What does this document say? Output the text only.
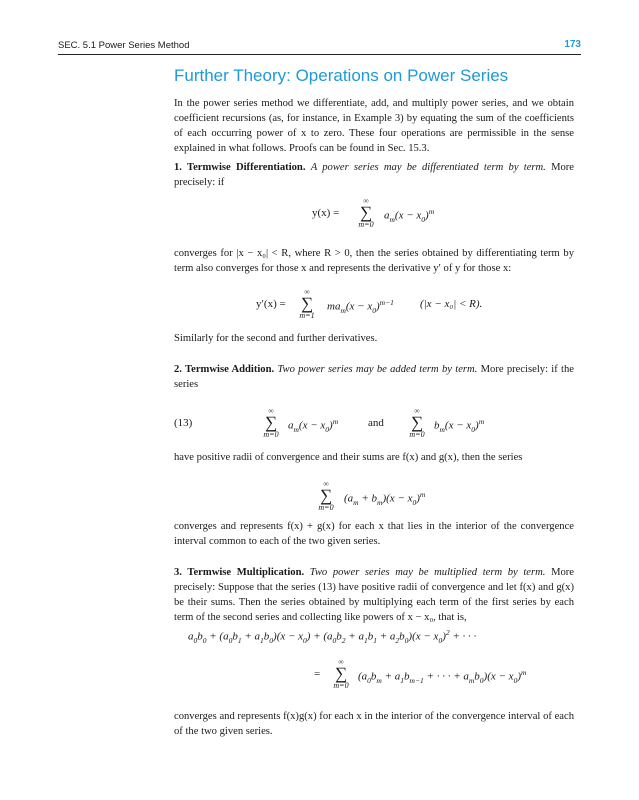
SEC. 5.1 Power Series Method	173
Further Theory: Operations on Power Series
In the power series method we differentiate, add, and multiply power series, and we obtain coefficient recursions (as, for instance, in Example 3) by equating the sum of the coefficients of each occurring power of x to zero. These four operations are permissible in the sense explained in what follows. Proofs can be found in Sec. 15.3.
1. Termwise Differentiation. A power series may be differentiated term by term. More precisely: if
y(x) =
∞
∑
m=0
$a_m(x - x_0)^m$
converges for |x − x₀| < R, where R > 0, then the series obtained by differentiating term by term also converges for those x and represents the derivative y′ of y for those x:
y′(x) =
∞
∑
m=1
$ma_m(x - x_0)^{m-1}$ (|x − x₀| < R).
Similarly for the second and further derivatives.
2. Termwise Addition. Two power series may be added term by term. More precisely: if the series
(13)
∞
∑
m=0
$a_m(x - x_0)^m$	and
∞
∑
m=0
$b_m(x - x_0)^m$
have positive radii of convergence and their sums are f(x) and g(x), then the series
∞
∑
m=0
$(a_m + b_m)(x - x_0)^m$
converges and represents f(x) + g(x) for each x that lies in the interior of the convergence interval common to each of the two given series.
3. Termwise Multiplication. Two power series may be multiplied term by term. More precisely: Suppose that the series (13) have positive radii of convergence and let f(x) and g(x) be their sums. Then the series obtained by multiplying each term of the first series by each term of the second series and collecting like powers of x − x₀, that is,
$a_0b_0 + (a_0b_1 + a_1b_0)(x - x_0) + (a_0b_2 + a_1b_1 + a_2b_0)(x - x_0)^2$ + · · ·
=
∞
∑
m=0
($a_0b_m + a_1b_{m-1}$ + · · · + $a_mb_0)(x - x_0)^m$
converges and represents f(x)g(x) for each x in the interior of the convergence interval of each of the two given series.
